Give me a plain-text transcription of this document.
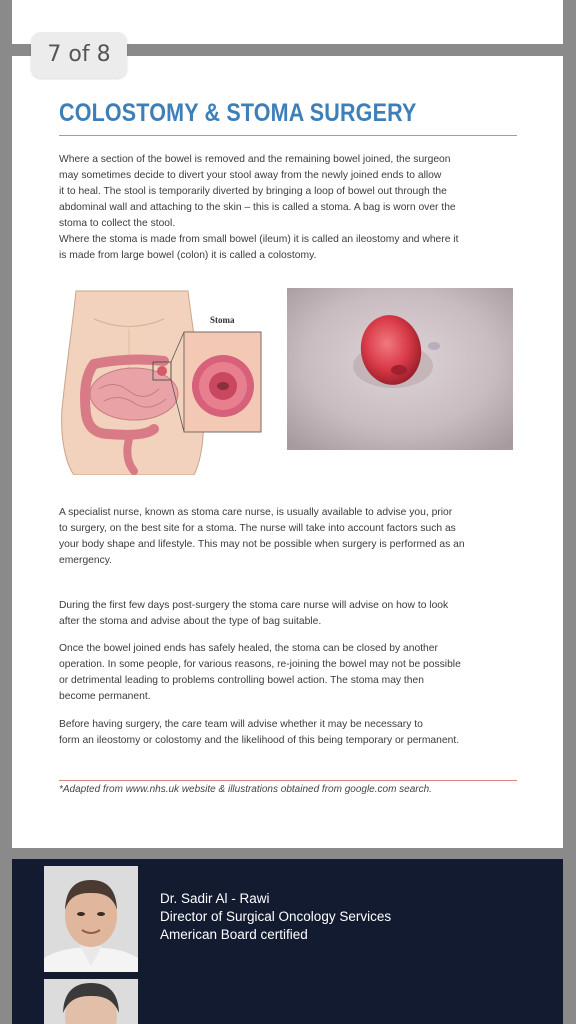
COLOSTOMY & STOMA SURGERY

Where a section of the bowel is removed and the remaining bowel joined, the surgeon
may sometimes decide to divert your stool away from the newly joined ends to allow
it to heal. The stool is temporarily diverted by bringing a loop of bowel out through the
abdominal wall and attaching to the skin – this is called a stoma. A bag is worn over the
stoma to collect the stool.
Where the stoma is made from small bowel (ileum) it is called an ileostomy and where it
is made from large bowel (colon) it is called a colostomy.

Stoma

A specialist nurse, known as stoma care nurse, is usually available to advise you, prior
to surgery, on the best site for a stoma. The nurse will take into account factors such as
your body shape and lifestyle. This may not be possible when surgery is performed as an
emergency.

During the first few days post-surgery the stoma care nurse will advise on how to look
after the stoma and advise about the type of bag suitable.

Once the bowel joined ends has safely healed, the stoma can be closed by another
operation. In some people, for various reasons, re-joining the bowel may not be possible
or detrimental leading to problems controlling bowel action. The stoma may then
become permanent.

Before having surgery, the care team will advise whether it may be necessary to
form an ileostomy or colostomy and the likelihood of this being temporary or permanent.

*Adapted from www.nhs.uk website & illustrations obtained from google.com search.

7 of 8
Dr. Sadir Al - Rawi
Director of Surgical Oncology Services
American Board certified
